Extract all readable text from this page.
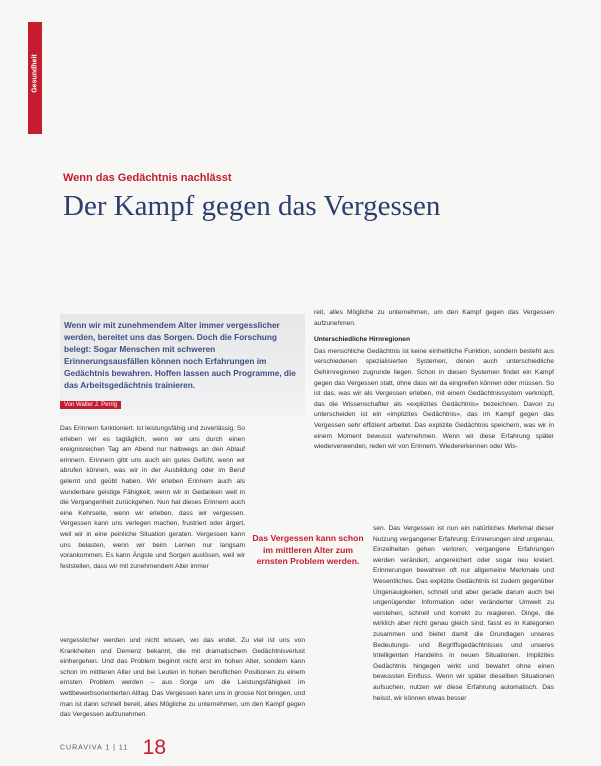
Gesundheit
Wenn das Gedächtnis nachlässt
Der Kampf gegen das Vergessen

Wenn wir mit zunehmendem Alter immer vergesslicher werden, bereitet uns das Sorgen. Doch die Forschung belegt: Sogar Menschen mit schweren Erinnerungsausfällen können noch Erfahrungen im Gedächtnis bewahren. Hoffen lassen auch Programme, die das Arbeitsgedächtnis trainieren.

Von Walter J. Perrig

Das Erinnern funktioniert. Ist leistungsfähig und zuverlässig. So erleben wir es tagtäglich, wenn wir uns durch einen ereignisreichen Tag am Abend nur halbwegs an den Ablauf erinnern. Erinnern gibt uns auch ein gutes Gefühl, wenn wir abrufen können, was wir in der Ausbildung oder im Beruf gelernt und geübt haben. Wir erleben Erinnern auch als wunderbare geistige Fähigkeit, wenn wir in Gedanken weit in die Vergangenheit zurückgehen. Nun hat dieses Erinnern auch eine Kehrseite, wenn wir erleben, dass wir vergessen. Vergessen kann uns verlegen machen, frustriert oder ärgert, weil wir in eine peinliche Situation geraten. Vergessen kann uns belasten, wenn wir beim Lernen nur langsam vorankommen. Es kann Ängste und Sorgen auslösen, weil wir feststellen, dass wir mit zunehmendem Alter immer

vergesslicher werden und nicht wissen, wo das endet. Zu viel ist uns von Krankheiten und Demenz bekannt, die mit dramatischem Gedächtnisverlust einhergehen. Und das Problem beginnt nicht erst im hohen Alter, sondern kann schon im mittleren Alter und bei Leuten in hohen beruflichen Positionen zu einem ernsten Problem werden – aus Sorge um die Leistungsfähigkeit im wettbewerbsorientierten Alltag. Das Vergessen kann uns in grosse Not bringen, und man ist dann schnell bereit, alles Mögliche zu unternehmen, um den Kampf gegen das Vergessen aufzunehmen.

reit, alles Mögliche zu unternehmen, um den Kampf gegen das Vergessen aufzunehmen.

Unterschiedliche Hirnregionen

Das menschliche Gedächtnis ist keine einheitliche Funktion, sondern besteht aus verschiedenen spezialisierten Systemen, denen auch unterschiedliche Gehirnregionen zugrunde liegen. Schon in diesen Systemen findet ein Kampf gegen das Vergessen statt, ohne dass wir da eingreifen können oder müssen. So ist das, was wir als Vergessen erleben, mit einem Gedächtnissystem verknüpft, das die Wissenschaftler als «explizites Gedächtnis» bezeichnen. Davon zu unterscheiden ist ein «implizites Gedächtnis», das im Kampf gegen das Vergessen sehr effizient arbeitet. Das explizite Gedächtnis speichern, was wir in einem Moment bewusst wahrnehmen. Wenn wir diese Erfahrung später wiederverwenden, reden wir von Erinnern. Wiedererkennen oder Wis-

sen. Das Vergessen ist nun ein natürliches Merkmal dieser Nutzung vergangener Erfahrung: Erinnerungen sind ungenau, Einzelheiten gehen verloren, vergangene Erfahrungen werden verändert, angereichert oder sogar neu kreiert. Erinnerungen bewahren oft nur allgemeine Merkmale und Wesentliches. Das explizite Gedächtnis ist zudem gegenüber Ungenauigkeiten, schnell und aber gerade darum auch bei ungenügender Information oder veränderter Umwelt zu verstehen, schnell und korrekt zu reagieren. Dinge, die wirklich aber nicht genau gleich sind, fasst es in Kategorien zusammen und bietet damit die Grundlagen unseres Bedeutungs- und Begriffsgedächtnisses und unseres Intelligenten Handelns in neuen Situationen. Implizites Gedächtnis hingegen wirkt und bewahrt ohne einen bewussten Einfluss. Wenn wir später dieselben Situationen aufsuchen, nutzen wir diese Erfahrung automatisch. Das heisst, wir können etwas besser

Das Vergessen kann schon im mittleren Alter zum ernsten Problem werden.
CURAVIVA 1 | 11 18
